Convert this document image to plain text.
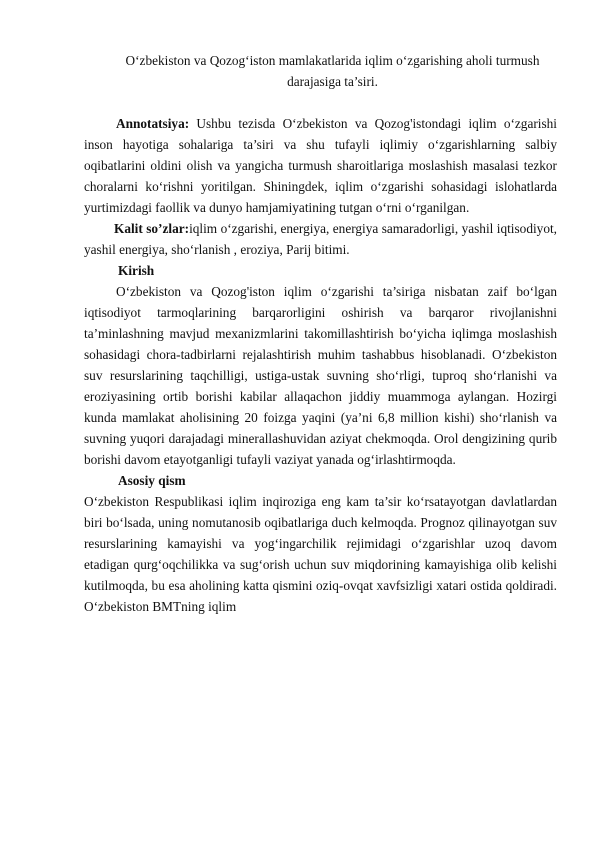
O‘zbekiston va Qozog‘iston mamlakatlarida iqlim o‘zgarishing aholi turmush darajasiga ta’siri.

Annotatsiya: Ushbu tezisda O‘zbekiston va Qozog'istondagi iqlim o‘zgarishi inson hayotiga sohalariga ta’siri va shu tufayli iqlimiy o‘zgarishlarning salbiy oqibatlarini oldini olish va yangicha turmush sharoitlariga moslashish masalasi tezkor choralarni ko‘rishni yoritilgan. Shiningdek, iqlim o‘zgarishi sohasidagi islohatlarda yurtimizdagi faollik va dunyo hamjamiyatining tutgan o‘rni o‘rganilgan.

Kalit so’zlar:iqlim o‘zgarishi, energiya, energiya samaradorligi, yashil iqtisodiyot, yashil energiya, sho‘rlanish , eroziya, Parij bitimi.

Kirish

O‘zbekiston va Qozog'iston iqlim o‘zgarishi ta’siriga nisbatan zaif bo‘lgan iqtisodiyot tarmoqlarining barqarorligini oshirish va barqaror rivojlanishni ta’minlashning mavjud mexanizmlarini takomillashtirish bo‘yicha iqlimga moslashish sohasidagi chora-tadbirlarni rejalashtirish muhim tashabbus hisoblanadi. O‘zbekiston suv resurslarining taqchilligi, ustiga-ustak suvning sho‘rligi, tuproq sho‘rlanishi va eroziyasining ortib borishi kabilar allaqachon jiddiy muammoga aylangan. Hozirgi kunda mamlakat aholisining 20 foizga yaqini (ya’ni 6,8 million kishi) sho‘rlanish va suvning yuqori darajadagi minerallashuvidan aziyat chekmoqda. Orol dengizining qurib borishi davom etayotganligi tufayli vaziyat yanada og‘irlashtirmoqda.

Asosiy qism

O‘zbekiston Respublikasi iqlim inqiroziga eng kam ta’sir ko‘rsatayotgan davlatlardan biri bo‘lsada, uning nomutanosib oqibatlariga duch kelmoqda. Prognoz qilinayotgan suv resurslarining kamayishi va yog‘ingarchilik rejimidagi o‘zgarishlar uzoq davom etadigan qurg‘oqchilikka va sug‘orish uchun suv miqdorining kamayishiga olib kelishi kutilmoqda, bu esa aholining katta qismini oziq-ovqat xavfsizligi xatari ostida qoldiradi. O‘zbekiston BMTning iqlim
